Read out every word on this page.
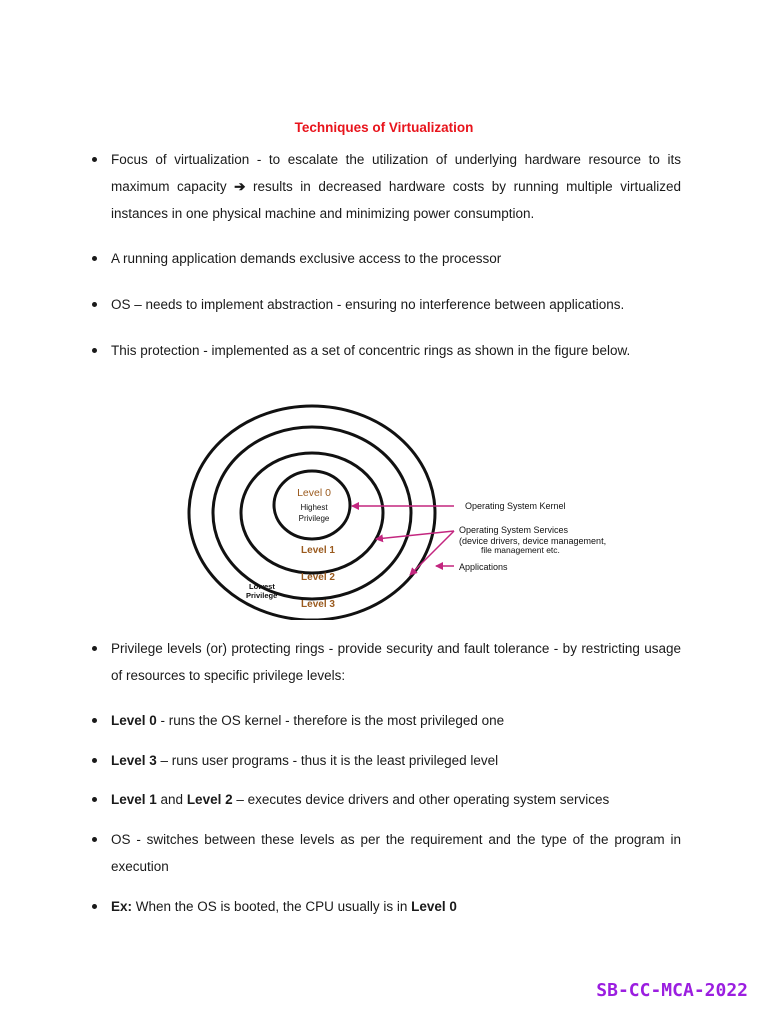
Techniques of Virtualization
Focus of virtualization - to escalate the utilization of underlying hardware resource to its maximum capacity ➔ results in decreased hardware costs by running multiple virtualized instances in one physical machine and minimizing power consumption.
A running application demands exclusive access to the processor
OS – needs to implement abstraction - ensuring no interference between applications.
This protection - implemented as a set of concentric rings as shown in the figure below.
Privilege levels (or) protecting rings - provide security and fault tolerance - by restricting usage of resources to specific privilege levels:
Level 0 - runs the OS kernel - therefore is the most privileged one
Level 3 – runs user programs - thus it is the least privileged level
Level 1 and Level 2 – executes device drivers and other operating system services
OS - switches between these levels as per the requirement and the type of the program in execution
Ex: When the OS is booted, the CPU usually is in Level 0
Level 0
Highest
Privilege
Level 1
Level 2
Level 3
Lowest
Privilege
Operating System Kernel
Operating System Services
(device drivers, device management,
file management etc.
Applications
SB-CC-MCA-2022
